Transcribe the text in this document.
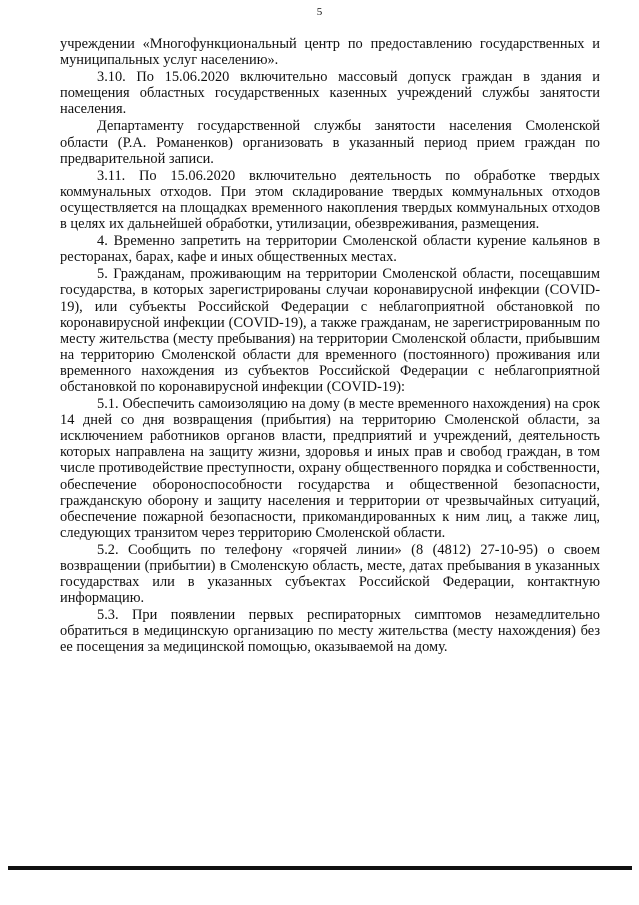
5

учреждении «Многофункциональный центр по предоставлению государственных и муниципальных услуг населению».

3.10. По 15.06.2020 включительно массовый допуск граждан в здания и помещения областных государственных казенных учреждений службы занятости населения.

Департаменту государственной службы занятости населения Смоленской области (Р.А. Романенков) организовать в указанный период прием граждан по предварительной записи.

3.11. По 15.06.2020 включительно деятельность по обработке твердых коммунальных отходов. При этом складирование твердых коммунальных отходов осуществляется на площадках временного накопления твердых коммунальных отходов в целях их дальнейшей обработки, утилизации, обезвреживания, размещения.

4. Временно запретить на территории Смоленской области курение кальянов в ресторанах, барах, кафе и иных общественных местах.

5. Гражданам, проживающим на территории Смоленской области, посещавшим государства, в которых зарегистрированы случаи коронавирусной инфекции (COVID-19), или субъекты Российской Федерации с неблагоприятной обстановкой по коронавирусной инфекции (COVID-19), а также гражданам, не зарегистрированным по месту жительства (месту пребывания) на территории Смоленской области, прибывшим на территорию Смоленской области для временного (постоянного) проживания или временного нахождения из субъектов Российской Федерации с неблагоприятной обстановкой по коронавирусной инфекции (COVID-19):

5.1. Обеспечить самоизоляцию на дому (в месте временного нахождения) на срок 14 дней со дня возвращения (прибытия) на территорию Смоленской области, за исключением работников органов власти, предприятий и учреждений, деятельность которых направлена на защиту жизни, здоровья и иных прав и свобод граждан, в том числе противодействие преступности, охрану общественного порядка и собственности, обеспечение обороноспособности государства и общественной безопасности, гражданскую оборону и защиту населения и территории от чрезвычайных ситуаций, обеспечение пожарной безопасности, прикомандированных к ним лиц, а также лиц, следующих транзитом через территорию Смоленской области.

5.2. Сообщить по телефону «горячей линии» (8 (4812) 27-10-95) о своем возвращении (прибытии) в Смоленскую область, месте, датах пребывания в указанных государствах или в указанных субъектах Российской Федерации, контактную информацию.

5.3. При появлении первых респираторных симптомов незамедлительно обратиться в медицинскую организацию по месту жительства (месту нахождения) без ее посещения за медицинской помощью, оказываемой на дому.
